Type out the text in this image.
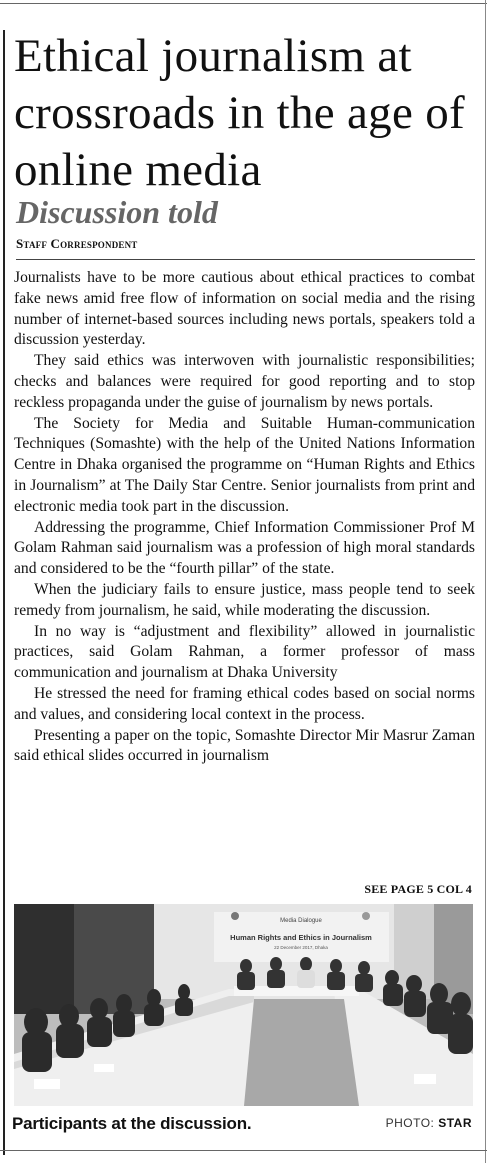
Ethical journalism at crossroads in the age of online media
Discussion told
Staff Correspondent

Journalists have to be more cautious about ethical practices to combat fake news amid free flow of information on social media and the rising number of internet-based sources including news portals, speakers told a discussion yesterday.

They said ethics was interwoven with journalistic responsibilities; checks and balances were required for good reporting and to stop reckless propaganda under the guise of journalism by news portals.

The Society for Media and Suitable Human-communication Techniques (Somashte) with the help of the United Nations Information Centre in Dhaka organised the programme on “Human Rights and Ethics in Journalism” at The Daily Star Centre. Senior journalists from print and electronic media took part in the discussion.

Addressing the programme, Chief Information Commissioner Prof M Golam Rahman said journalism was a profession of high moral standards and considered to be the “fourth pillar” of the state.

When the judiciary fails to ensure justice, mass people tend to seek remedy from journalism, he said, while moderating the discussion.

In no way is “adjustment and flexibility” allowed in journalistic practices, said Golam Rahman, a former professor of mass communication and journalism at Dhaka University

He stressed the need for framing ethical codes based on social norms and values, and considering local context in the process.

Presenting a paper on the topic, Somashte Director Mir Masrur Zaman said ethical slides occurred in journalism

SEE PAGE 5 COL 4
Media Dialogue
Human Rights and Ethics in Journalism
22 December 2017, Dhaka
Participants at the discussion.	PHOTO: STAR
